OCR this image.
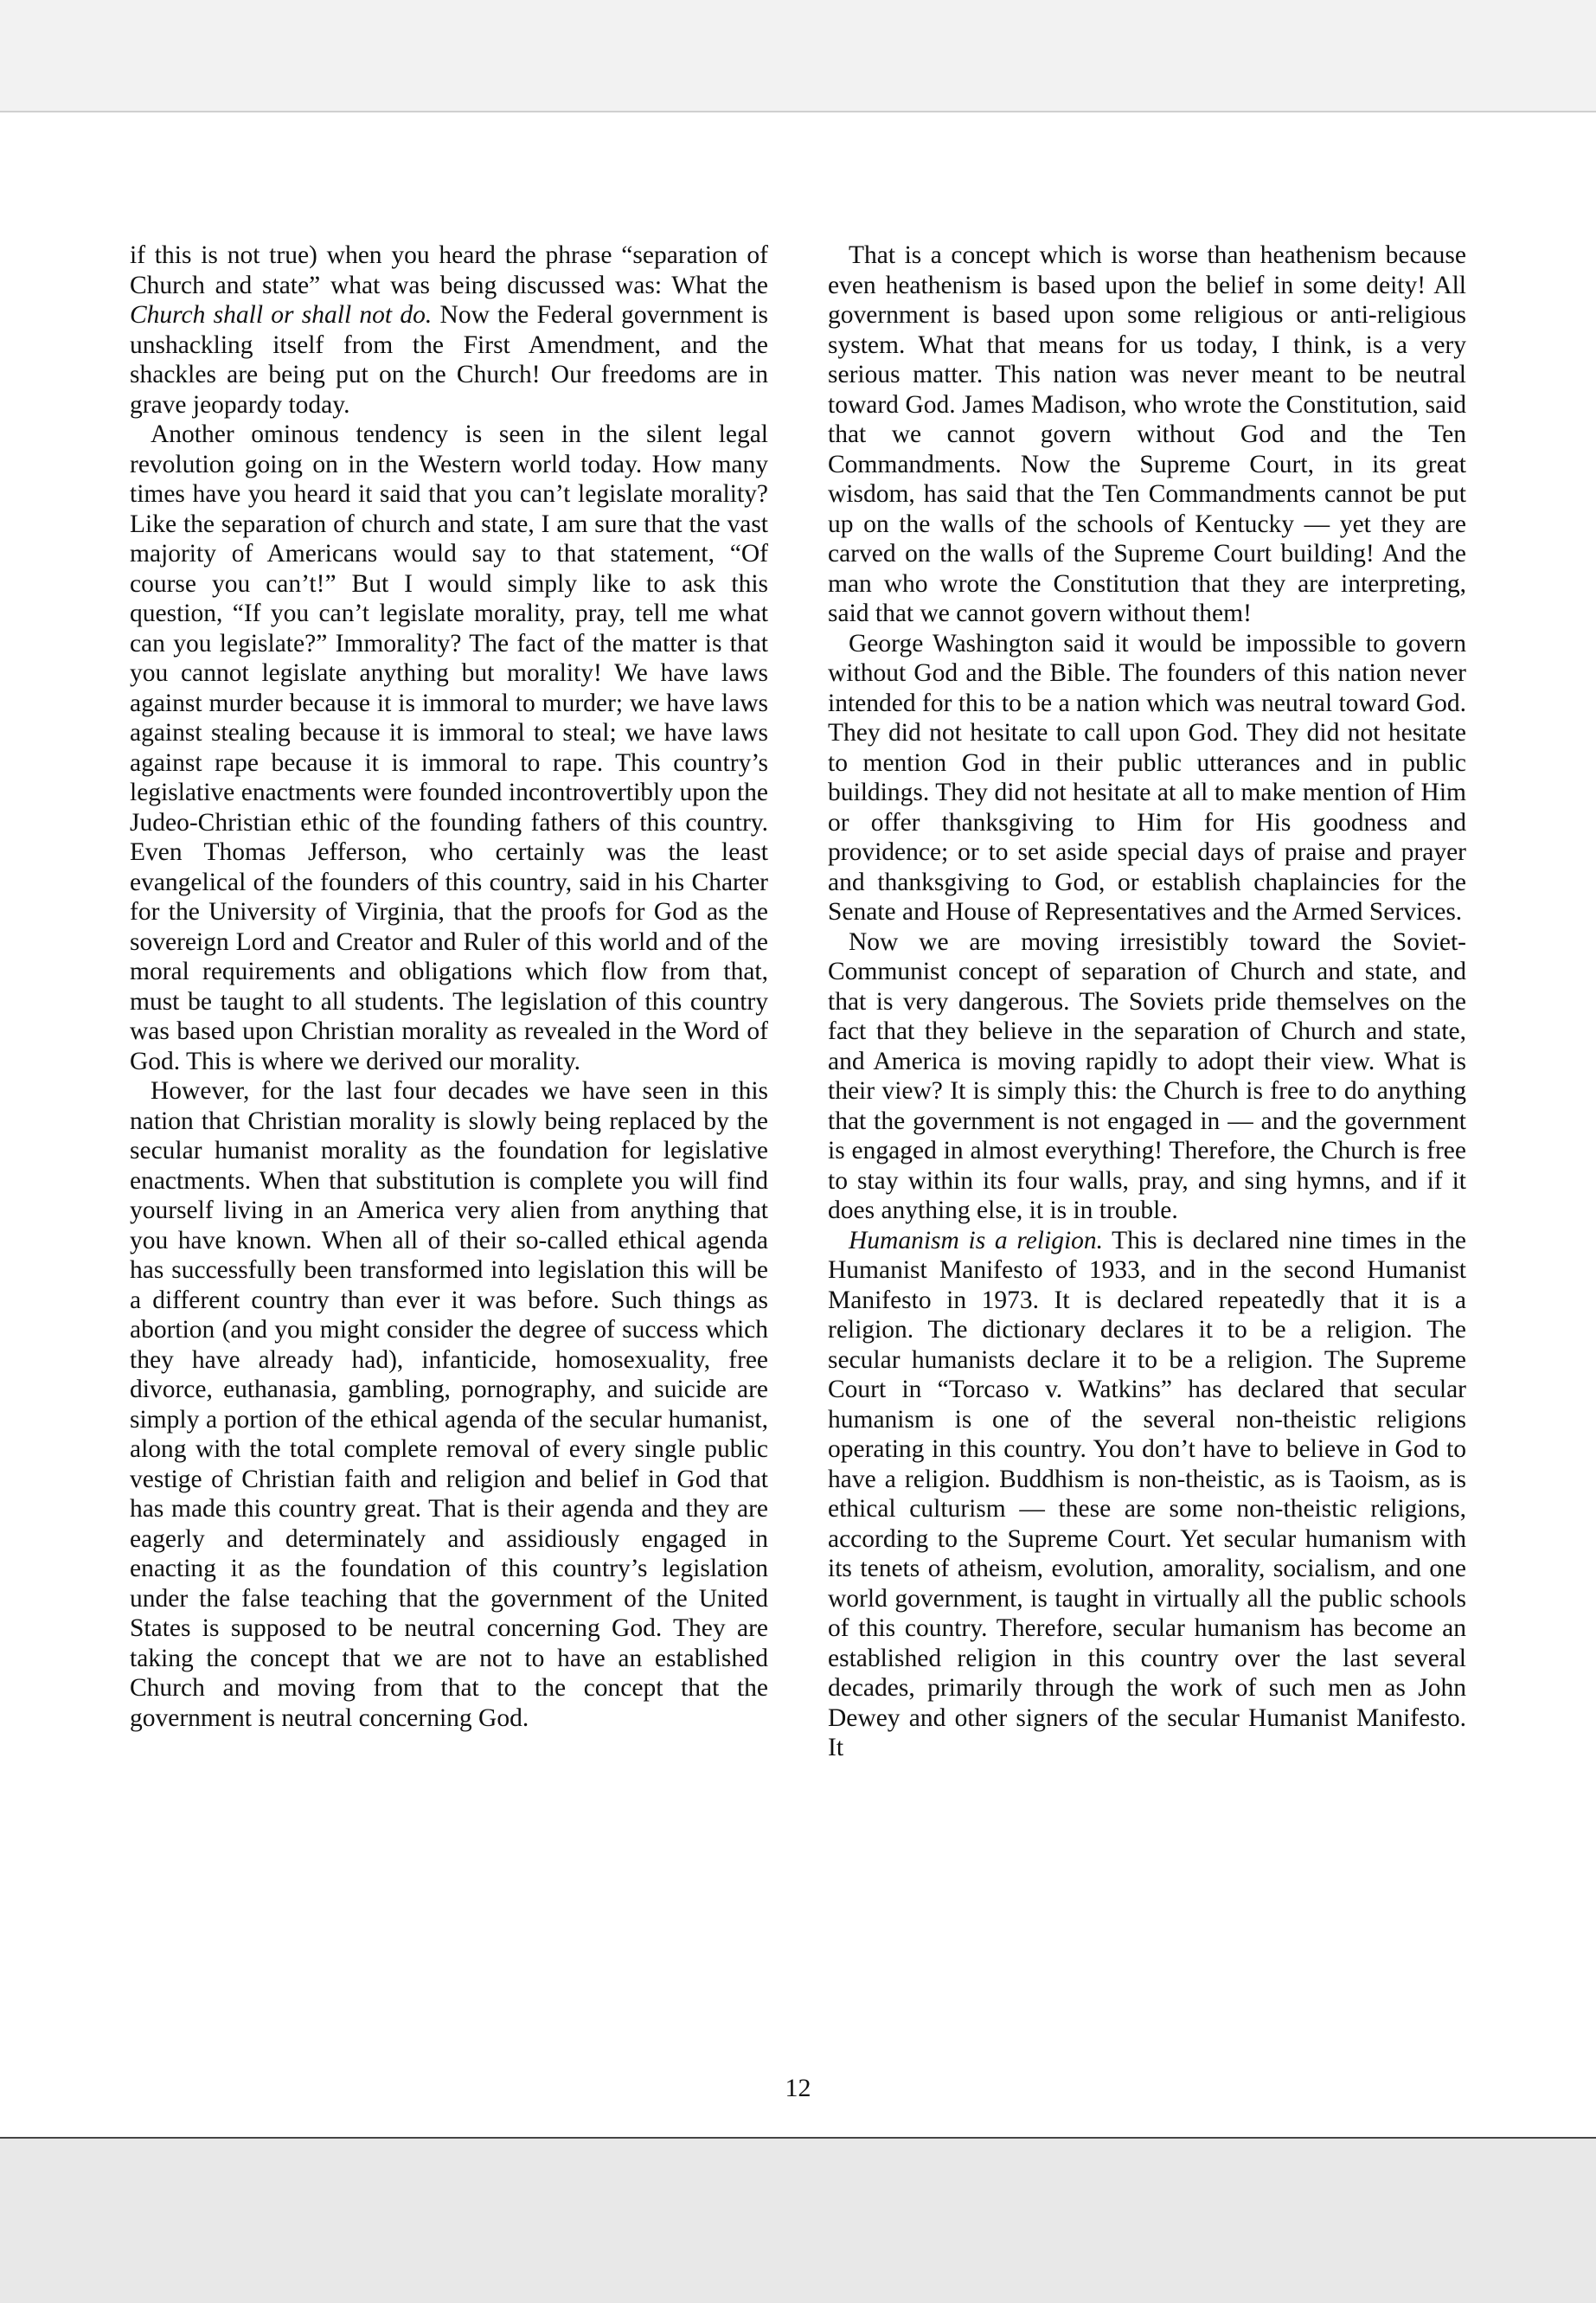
if this is not true) when you heard the phrase “separation of Church and state” what was being discussed was: What the Church shall or shall not do. Now the Federal government is unshackling itself from the First Amendment, and the shackles are being put on the Church! Our freedoms are in grave jeopardy today.

Another ominous tendency is seen in the silent legal revolution going on in the Western world today. How many times have you heard it said that you can’t legislate morality? Like the separation of church and state, I am sure that the vast majority of Americans would say to that statement, “Of course you can’t!” But I would simply like to ask this question, “If you can’t legislate morality, pray, tell me what can you legislate?” Immorality? The fact of the matter is that you cannot legislate anything but morality! We have laws against murder because it is immoral to murder; we have laws against stealing because it is immoral to steal; we have laws against rape because it is immoral to rape. This country’s legislative enactments were founded incontrovertibly upon the Judeo-Christian ethic of the founding fathers of this country. Even Thomas Jefferson, who certainly was the least evangelical of the founders of this country, said in his Charter for the University of Virginia, that the proofs for God as the sovereign Lord and Creator and Ruler of this world and of the moral requirements and obligations which flow from that, must be taught to all students. The legislation of this country was based upon Christian morality as revealed in the Word of God. This is where we derived our morality.

However, for the last four decades we have seen in this nation that Christian morality is slowly being replaced by the secular humanist morality as the foundation for legislative enactments. When that substitution is complete you will find yourself living in an America very alien from anything that you have known. When all of their so-called ethical agenda has successfully been transformed into legislation this will be a different country than ever it was before. Such things as abortion (and you might consider the degree of success which they have already had), infanticide, homosexuality, free divorce, euthanasia, gambling, pornography, and suicide are simply a portion of the ethical agenda of the secular humanist, along with the total complete removal of every single public vestige of Christian faith and religion and belief in God that has made this country great. That is their agenda and they are eagerly and determinately and assidiously engaged in enacting it as the foundation of this country’s legislation under the false teaching that the government of the United States is supposed to be neutral concerning God. They are taking the concept that we are not to have an established Church and moving from that to the concept that the government is neutral concerning God.

That is a concept which is worse than heathenism because even heathenism is based upon the belief in some deity! All government is based upon some religious or anti-religious system. What that means for us today, I think, is a very serious matter. This nation was never meant to be neutral toward God. James Madison, who wrote the Constitution, said that we cannot govern without God and the Ten Commandments. Now the Supreme Court, in its great wisdom, has said that the Ten Commandments cannot be put up on the walls of the schools of Kentucky — yet they are carved on the walls of the Supreme Court building! And the man who wrote the Constitution that they are interpreting, said that we cannot govern without them!

George Washington said it would be impossible to govern without God and the Bible. The founders of this nation never intended for this to be a nation which was neutral toward God. They did not hesitate to call upon God. They did not hesitate to mention God in their public utterances and in public buildings. They did not hesitate at all to make mention of Him or offer thanksgiving to Him for His goodness and providence; or to set aside special days of praise and prayer and thanksgiving to God, or establish chaplaincies for the Senate and House of Representatives and the Armed Services.

Now we are moving irresistibly toward the Soviet-Communist concept of separation of Church and state, and that is very dangerous. The Soviets pride themselves on the fact that they believe in the separation of Church and state, and America is moving rapidly to adopt their view. What is their view? It is simply this: the Church is free to do anything that the government is not engaged in — and the government is engaged in almost everything! Therefore, the Church is free to stay within its four walls, pray, and sing hymns, and if it does anything else, it is in trouble.

Humanism is a religion. This is declared nine times in the Humanist Manifesto of 1933, and in the second Humanist Manifesto in 1973. It is declared repeatedly that it is a religion. The dictionary declares it to be a religion. The secular humanists declare it to be a religion. The Supreme Court in “Torcaso v. Watkins” has declared that secular humanism is one of the several non-theistic religions operating in this country. You don’t have to believe in God to have a religion. Buddhism is non-theistic, as is Taoism, as is ethical culturism — these are some non-theistic religions, according to the Supreme Court. Yet secular humanism with its tenets of atheism, evolution, amorality, socialism, and one world government, is taught in virtually all the public schools of this country. Therefore, secular humanism has become an established religion in this country over the last several decades, primarily through the work of such men as John Dewey and other signers of the secular Humanist Manifesto. It

12
